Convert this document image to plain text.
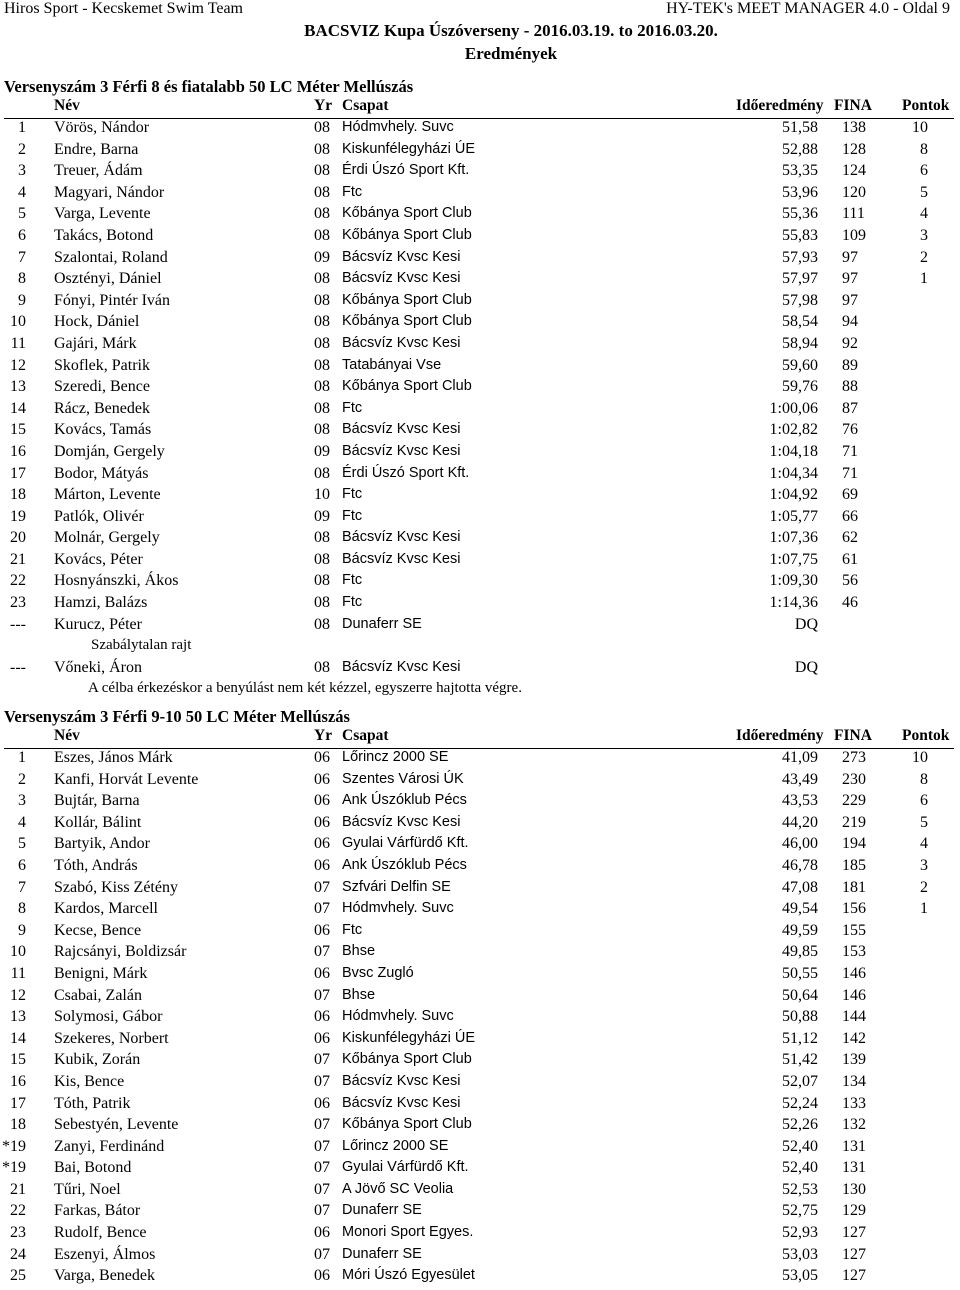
Hiros Sport - Kecskemet Swim Team	HY-TEK's MEET MANAGER 4.0 - Oldal 9
BACSVIZ Kupa Úszóverseny - 2016.03.19. to 2016.03.20.
Eredmények
Versenyszám 3 Férfi 8 és fiatalabb 50 LC Méter Mellúszás
Név	Yr Csapat	Időeredmény FINA Pontok
1 Vörös, Nándor	08 Hódmvhely. Suvc	51,58 138	10
2 Endre, Barna	08 Kiskunfélegyházi ÚE	52,88 128	8
3 Treuer, Ádám	08 Érdi Úszó Sport Kft.	53,35 124	6
4 Magyari, Nándor	08 Ftc	53,96 120	5
5 Varga, Levente	08 Kőbánya Sport Club	55,36 111	4
6 Takács, Botond	08 Kőbánya Sport Club	55,83 109	3
7 Szalontai, Roland	09 Bácsvíz Kvsc Kesi	57,93 97	2
8 Osztényi, Dániel	08 Bácsvíz Kvsc Kesi	57,97 97	1
9 Fónyi, Pintér Iván	08 Kőbánya Sport Club	57,98 97
10 Hock, Dániel	08 Kőbánya Sport Club	58,54 94
11 Gajári, Márk	08 Bácsvíz Kvsc Kesi	58,94 92
12 Skoflek, Patrik	08 Tatabányai Vse	59,60 89
13 Szeredi, Bence	08 Kőbánya Sport Club	59,76 88
14 Rácz, Benedek	08 Ftc	1:00,06 87
15 Kovács, Tamás	08 Bácsvíz Kvsc Kesi	1:02,82 76
16 Domján, Gergely	09 Bácsvíz Kvsc Kesi	1:04,18 71
17 Bodor, Mátyás	08 Érdi Úszó Sport Kft.	1:04,34 71
18 Márton, Levente	10 Ftc	1:04,92 69
19 Patlók, Olivér	09 Ftc	1:05,77 66
20 Molnár, Gergely	08 Bácsvíz Kvsc Kesi	1:07,36 62
21 Kovács, Péter	08 Bácsvíz Kvsc Kesi	1:07,75 61
22 Hosnyánszki, Ákos	08 Ftc	1:09,30 56
23 Hamzi, Balázs	08 Ftc	1:14,36 46
--- Kurucz, Péter	08 Dunaferr SE	DQ
Szabálytalan rajt
--- Vőneki, Áron	08 Bácsvíz Kvsc Kesi	DQ
A célba érkezéskor a benyúlást nem két kézzel, egyszerre hajtotta végre.
Versenyszám 3 Férfi 9-10 50 LC Méter Mellúszás
Név	Yr Csapat	Időeredmény FINA Pontok
1 Eszes, János Márk	06 Lőrincz 2000 SE	41,09 273	10
2 Kanfi, Horvát Levente	06 Szentes Városi ÚK	43,49 230	8
3 Bujtár, Barna	06 Ank Úszóklub Pécs	43,53 229	6
4 Kollár, Bálint	06 Bácsvíz Kvsc Kesi	44,20 219	5
5 Bartyik, Andor	06 Gyulai Várfürdő Kft.	46,00 194	4
6 Tóth, András	06 Ank Úszóklub Pécs	46,78 185	3
7 Szabó, Kiss Zétény	07 Szfvári Delfin SE	47,08 181	2
8 Kardos, Marcell	07 Hódmvhely. Suvc	49,54 156	1
9 Kecse, Bence	06 Ftc	49,59 155
10 Rajcsányi, Boldizsár	07 Bhse	49,85 153
11 Benigni, Márk	06 Bvsc Zugló	50,55 146
12 Csabai, Zalán	07 Bhse	50,64 146
13 Solymosi, Gábor	06 Hódmvhely. Suvc	50,88 144
14 Szekeres, Norbert	06 Kiskunfélegyházi ÚE	51,12 142
15 Kubik, Zorán	07 Kőbánya Sport Club	51,42 139
16 Kis, Bence	07 Bácsvíz Kvsc Kesi	52,07 134
17 Tóth, Patrik	06 Bácsvíz Kvsc Kesi	52,24 133
18 Sebestyén, Levente	07 Kőbánya Sport Club	52,26 132
*19 Zanyi, Ferdinánd	07 Lőrincz 2000 SE	52,40 131
*19 Bai, Botond	07 Gyulai Várfürdő Kft.	52,40 131
21 Tűri, Noel	07 A Jövő SC Veolia	52,53 130
22 Farkas, Bátor	07 Dunaferr SE	52,75 129
23 Rudolf, Bence	06 Monori Sport Egyes.	52,93 127
24 Eszenyi, Álmos	07 Dunaferr SE	53,03 127
25 Varga, Benedek	06 Móri Úszó Egyesület	53,05 127
